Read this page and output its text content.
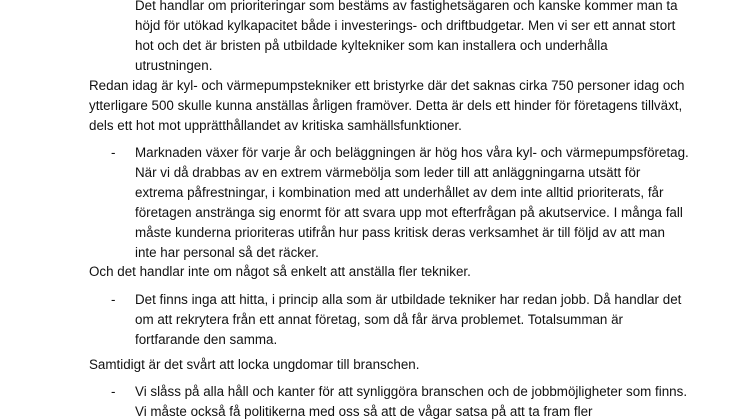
Det handlar om prioriteringar som bestäms av fastighetsägaren och kanske kommer man ta
höjd för utökad kylkapacitet både i investerings- och driftbudgetar. Men vi ser ett annat stort
hot och det är bristen på utbildade kyltekniker som kan installera och underhålla
utrustningen.
Redan idag är kyl- och värmepumpstekniker ett bristyrke där det saknas cirka 750 personer idag och
ytterligare 500 skulle kunna anställas årligen framöver. Detta är dels ett hinder för företagens tillväxt,
dels ett hot mot upprätthållandet av kritiska samhällsfunktioner.
- Marknaden växer för varje år och beläggningen är hög hos våra kyl- och värmepumpsföretag.
När vi då drabbas av en extrem värmebölja som leder till att anläggningarna utsätt för
extrema påfrestningar, i kombination med att underhållet av dem inte alltid prioriterats, får
företagen anstränga sig enormt för att svara upp mot efterfrågan på akutservice. I många fall
måste kunderna prioriteras utifrån hur pass kritisk deras verksamhet är till följd av att man
inte har personal så det räcker.
Och det handlar inte om något så enkelt att anställa fler tekniker.
- Det finns inga att hitta, i princip alla som är utbildade tekniker har redan jobb. Då handlar det
om att rekrytera från ett annat företag, som då får ärva problemet. Totalsumman är
fortfarande den samma.
Samtidigt är det svårt att locka ungdomar till branschen.
- Vi slåss på alla håll och kanter för att synliggöra branschen och de jobbmöjligheter som finns.
Vi måste också få politikerna med oss så att de vågar satsa på att ta fram fler
